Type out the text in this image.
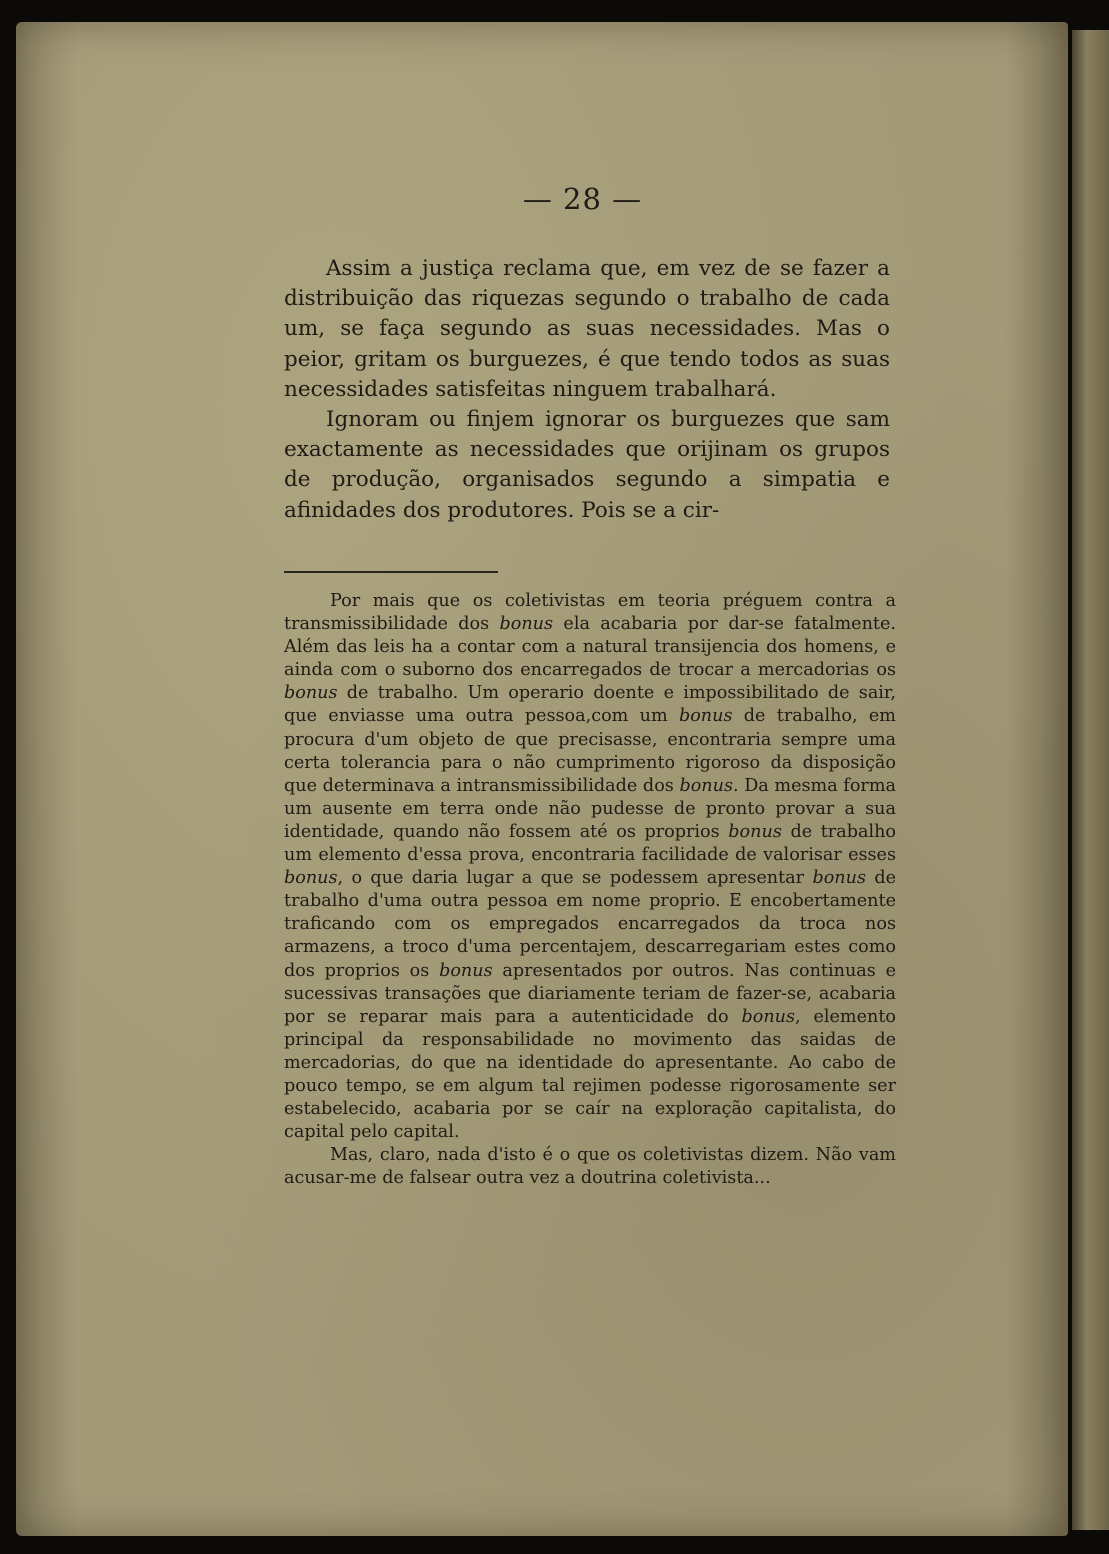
— 28 —

Assim a justiça reclama que, em vez de se fazer a distribuição das riquezas segundo o trabalho de cada um, se faça segundo as suas necessidades. Mas o peior, gritam os burguezes, é que tendo todos as suas necessidades satisfeitas ninguem trabalhará.

Ignoram ou finjem ignorar os burguezes que sam exactamente as necessidades que orijinam os grupos de produção, organisados segundo a simpatia e afinidades dos produtores. Pois se a cir-

Por mais que os coletivistas em teoria préguem contra a transmissibilidade dos bonus ela acabaria por dar-se fatalmente. Além das leis ha a contar com a natural transijencia dos homens, e ainda com o suborno dos encarregados de trocar a mercadorias os bonus de trabalho. Um operario doente e impossibilitado de sair, que enviasse uma outra pessoa,com um bonus de trabalho, em procura d'um objeto de que precisasse, encontraria sempre uma certa tolerancia para o não cumprimento rigoroso da disposição que determinava a intransmissibilidade dos bonus. Da mesma forma um ausente em terra onde não pudesse de pronto provar a sua identidade, quando não fossem até os proprios bonus de trabalho um elemento d'essa prova, encontraria facilidade de valorisar esses bonus, o que daria lugar a que se podessem apresentar bonus de trabalho d'uma outra pessoa em nome proprio. E encobertamente traficando com os empregados encarregados da troca nos armazens, a troco d'uma percentajem, descarregariam estes como dos proprios os bonus apresentados por outros. Nas continuas e sucessivas transações que diariamente teriam de fazer-se, acabaria por se reparar mais para a autenticidade do bonus, elemento principal da responsabilidade no movimento das saidas de mercadorias, do que na identidade do apresentante. Ao cabo de pouco tempo, se em algum tal rejimen podesse rigorosamente ser estabelecido, acabaria por se caír na exploração capitalista, do capital pelo capital.

Mas, claro, nada d'isto é o que os coletivistas dizem. Não vam acusar-me de falsear outra vez a doutrina coletivista...
